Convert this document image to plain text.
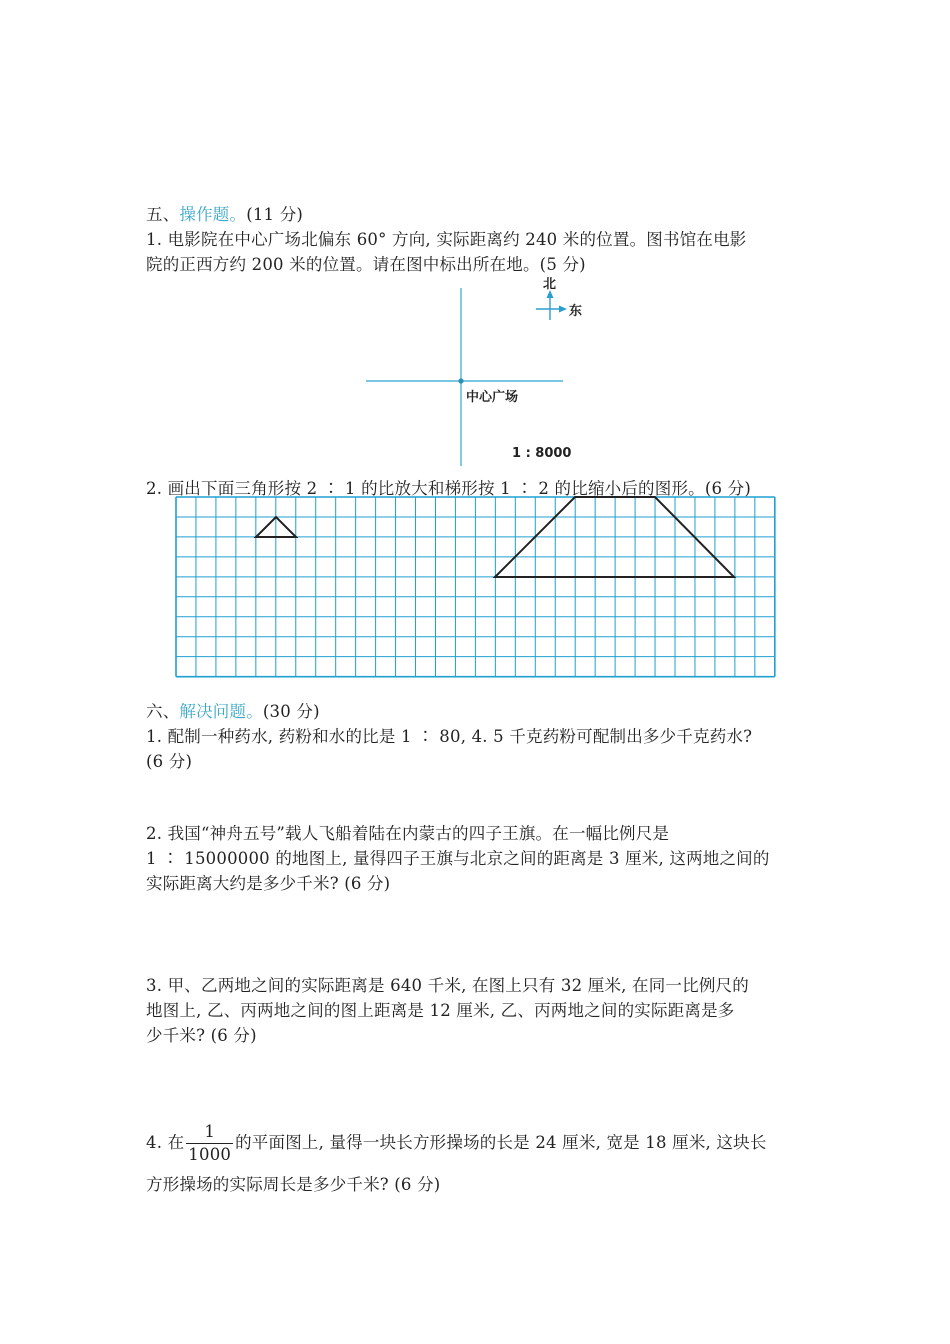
五、操作题。(11 分)
1. 电影院在中心广场北偏东 60° 方向, 实际距离约 240 米的位置。图书馆在电影
院的正西方约 200 米的位置。请在图中标出所在地。(5 分)
北
东
中心广场
1 : 8000
2. 画出下面三角形按 2 ∶ 1 的比放大和梯形按 1 ∶ 2 的比缩小后的图形。(6 分)
六、解决问题。(30 分)
1. 配制一种药水, 药粉和水的比是 1 ∶ 80, 4. 5 千克药粉可配制出多少千克药水?
(6 分)
2. 我国“神舟五号”载人飞船着陆在内蒙古的四子王旗。在一幅比例尺是
1 ∶ 15000000 的地图上, 量得四子王旗与北京之间的距离是 3 厘米, 这两地之间的
实际距离大约是多少千米? (6 分)
3. 甲、乙两地之间的实际距离是 640 千米, 在图上只有 32 厘米, 在同一比例尺的
地图上, 乙、丙两地之间的图上距离是 12 厘米, 乙、丙两地之间的实际距离是多
少千米? (6 分)
4. 在 $\frac{1}{1000}$ 的平面图上, 量得一块长方形操场的长是 24 厘米, 宽是 18 厘米, 这块长
方形操场的实际周长是多少千米? (6 分)
